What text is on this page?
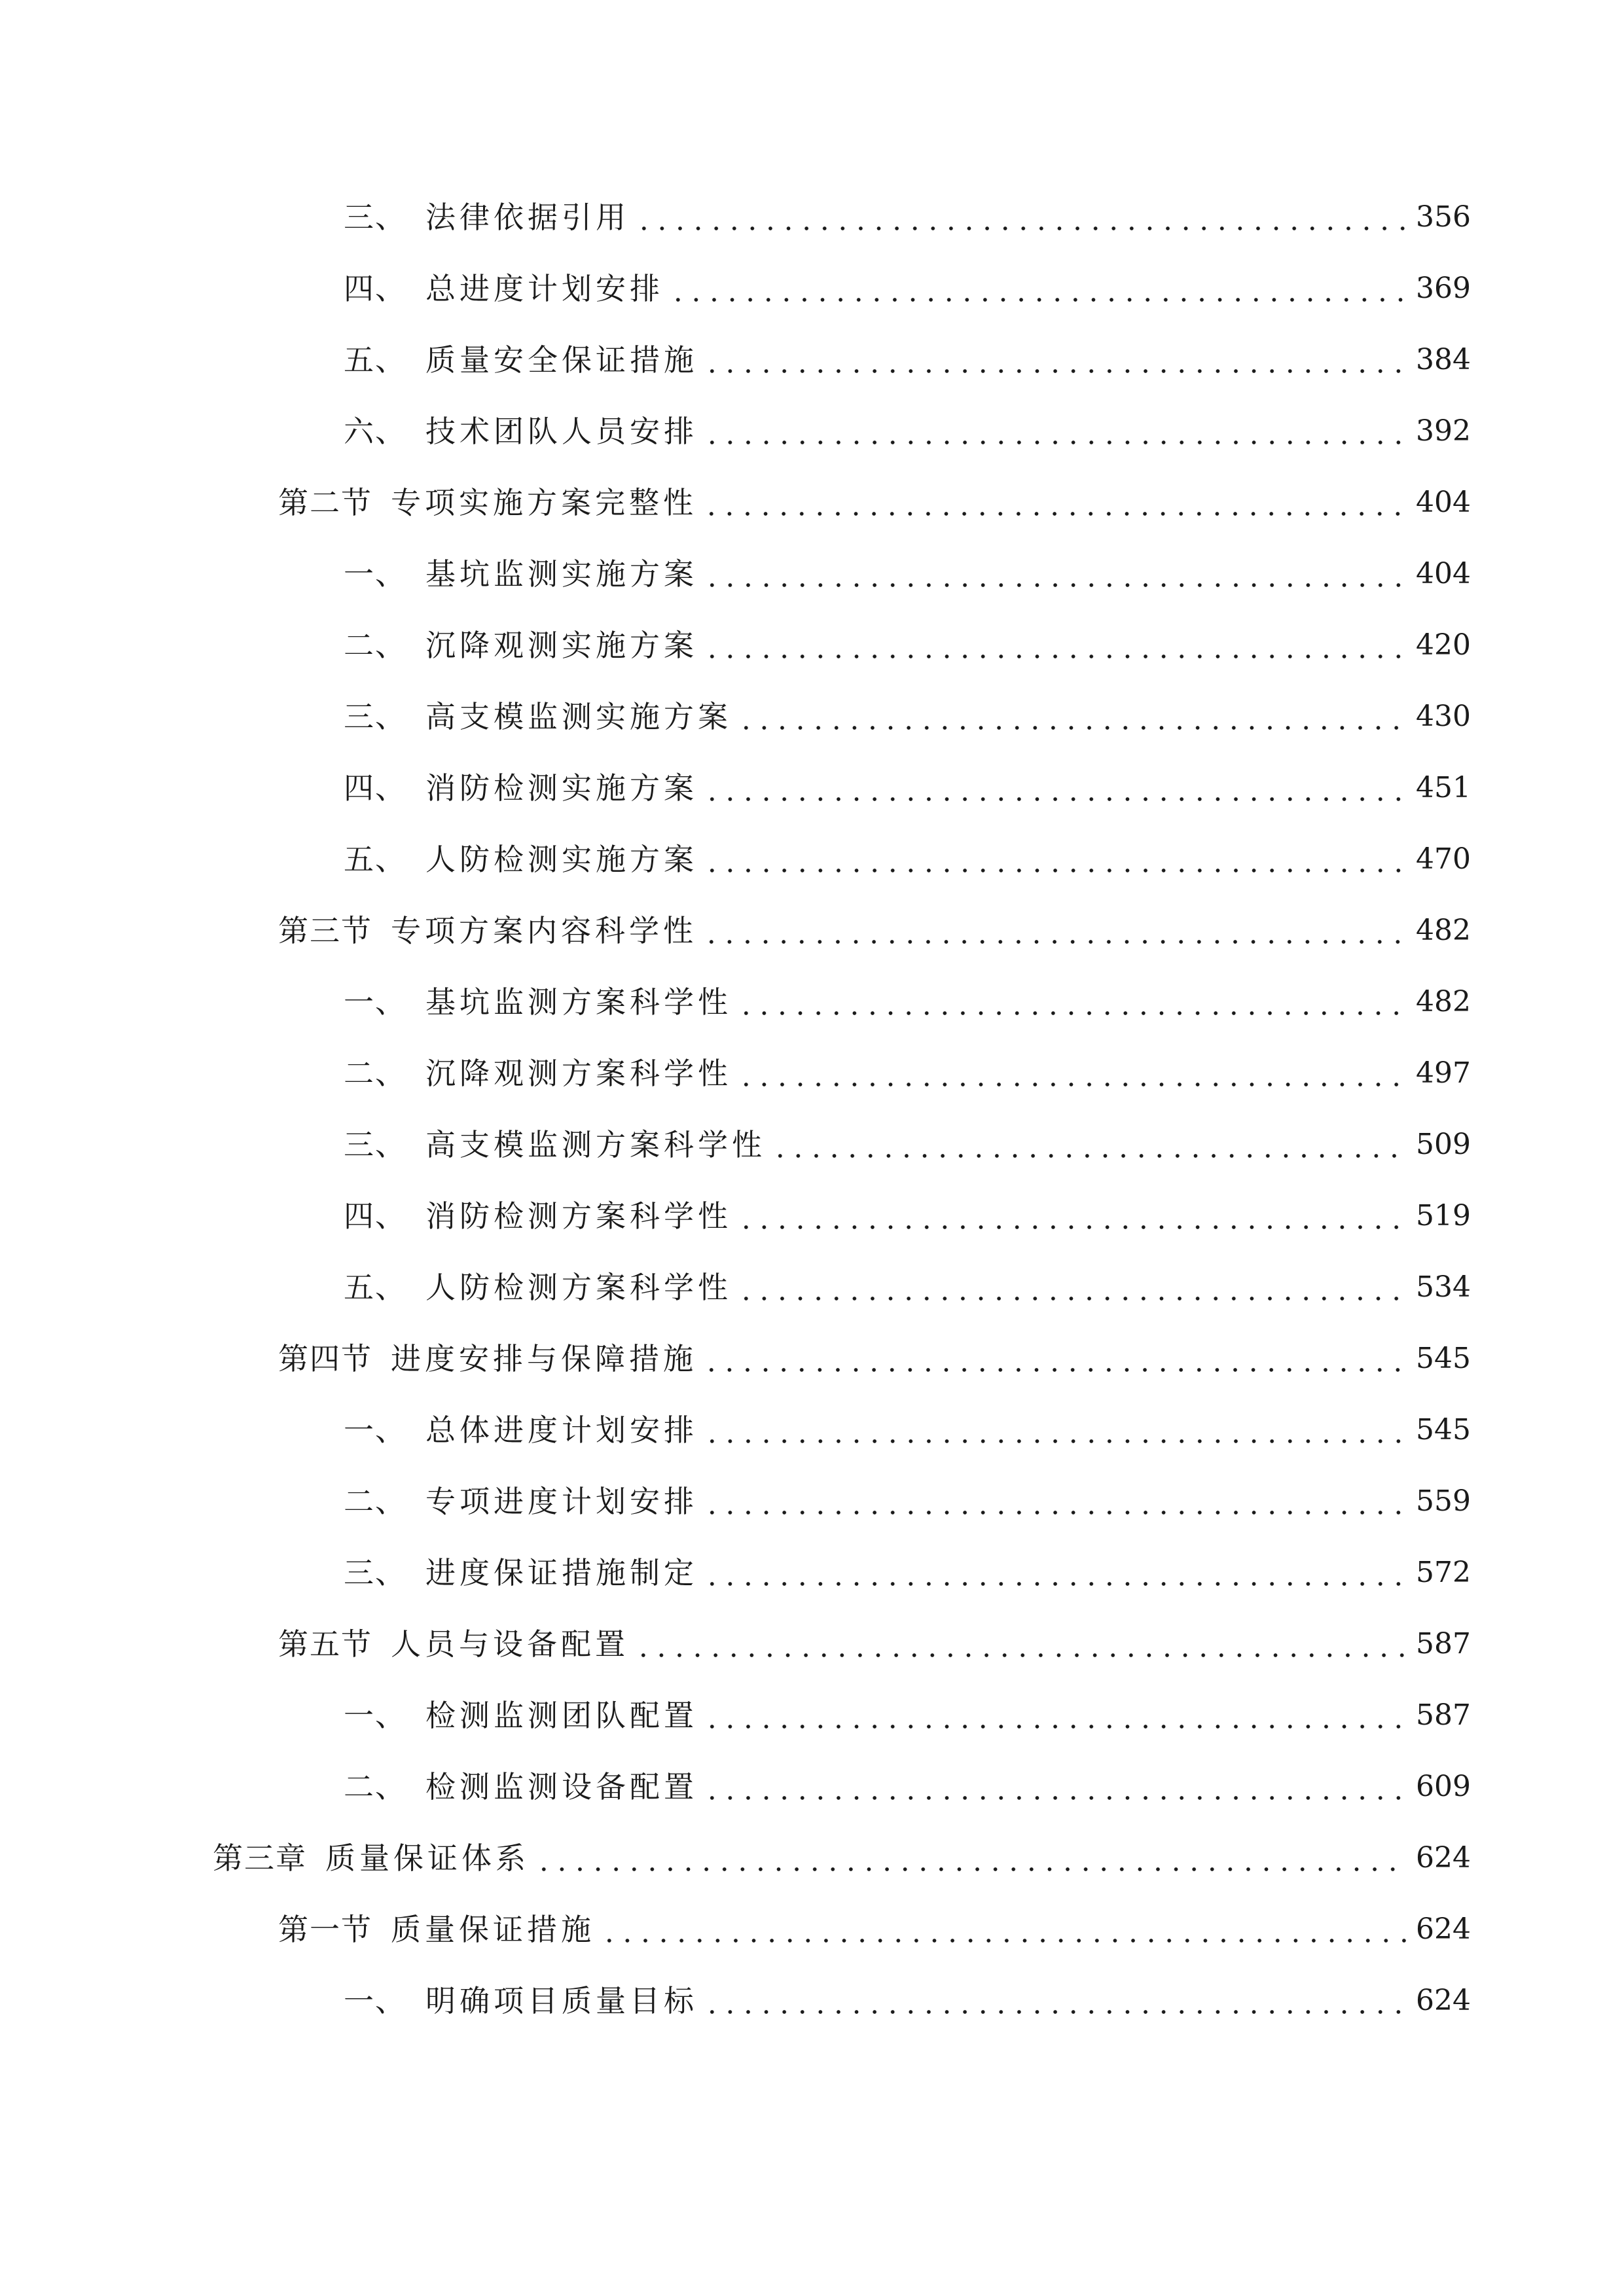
三、 法律依据引用	356
四、 总进度计划安排	369
五、 质量安全保证措施	384
六、 技术团队人员安排	392
第二节 专项实施方案完整性	404
一、 基坑监测实施方案	404
二、 沉降观测实施方案	420
三、 高支模监测实施方案	430
四、 消防检测实施方案	451
五、 人防检测实施方案	470
第三节 专项方案内容科学性	482
一、 基坑监测方案科学性	482
二、 沉降观测方案科学性	497
三、 高支模监测方案科学性	509
四、 消防检测方案科学性	519
五、 人防检测方案科学性	534
第四节 进度安排与保障措施	545
一、 总体进度计划安排	545
二、 专项进度计划安排	559
三、 进度保证措施制定	572
第五节 人员与设备配置	587
一、 检测监测团队配置	587
二、 检测监测设备配置	609
第三章 质量保证体系	624
第一节 质量保证措施	624
一、 明确项目质量目标	624
